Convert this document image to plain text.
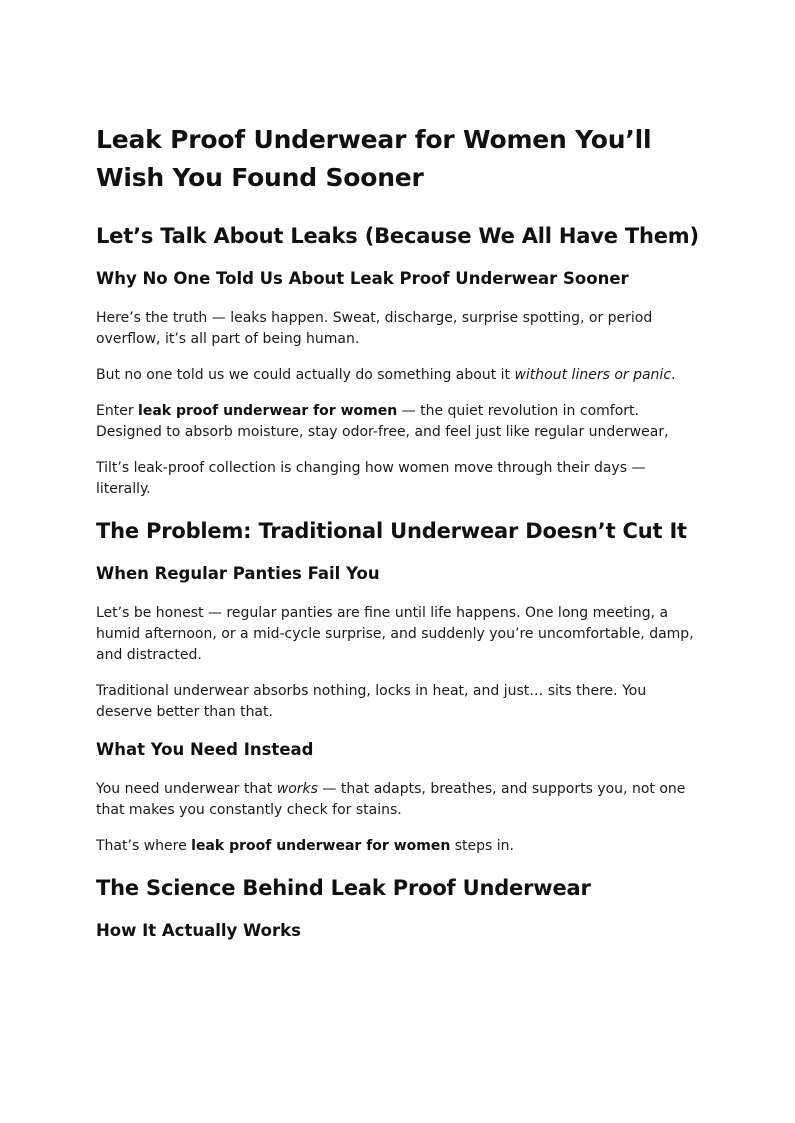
Leak Proof Underwear for Women You’ll Wish You Found Sooner
Let’s Talk About Leaks (Because We All Have Them)
Why No One Told Us About Leak Proof Underwear Sooner

Here’s the truth — leaks happen. Sweat, discharge, surprise spotting, or period overflow, it’s all part of being human.

But no one told us we could actually do something about it without liners or panic.

Enter leak proof underwear for women — the quiet revolution in comfort. Designed to absorb moisture, stay odor-free, and feel just like regular underwear,

Tilt’s leak-proof collection is changing how women move through their days — literally.

The Problem: Traditional Underwear Doesn’t Cut It
When Regular Panties Fail You

Let’s be honest — regular panties are fine until life happens. One long meeting, a humid afternoon, or a mid-cycle surprise, and suddenly you’re uncomfortable, damp, and distracted.

Traditional underwear absorbs nothing, locks in heat, and just… sits there. You deserve better than that.

What You Need Instead

You need underwear that works — that adapts, breathes, and supports you, not one that makes you constantly check for stains.

That’s where leak proof underwear for women steps in.

The Science Behind Leak Proof Underwear
How It Actually Works
